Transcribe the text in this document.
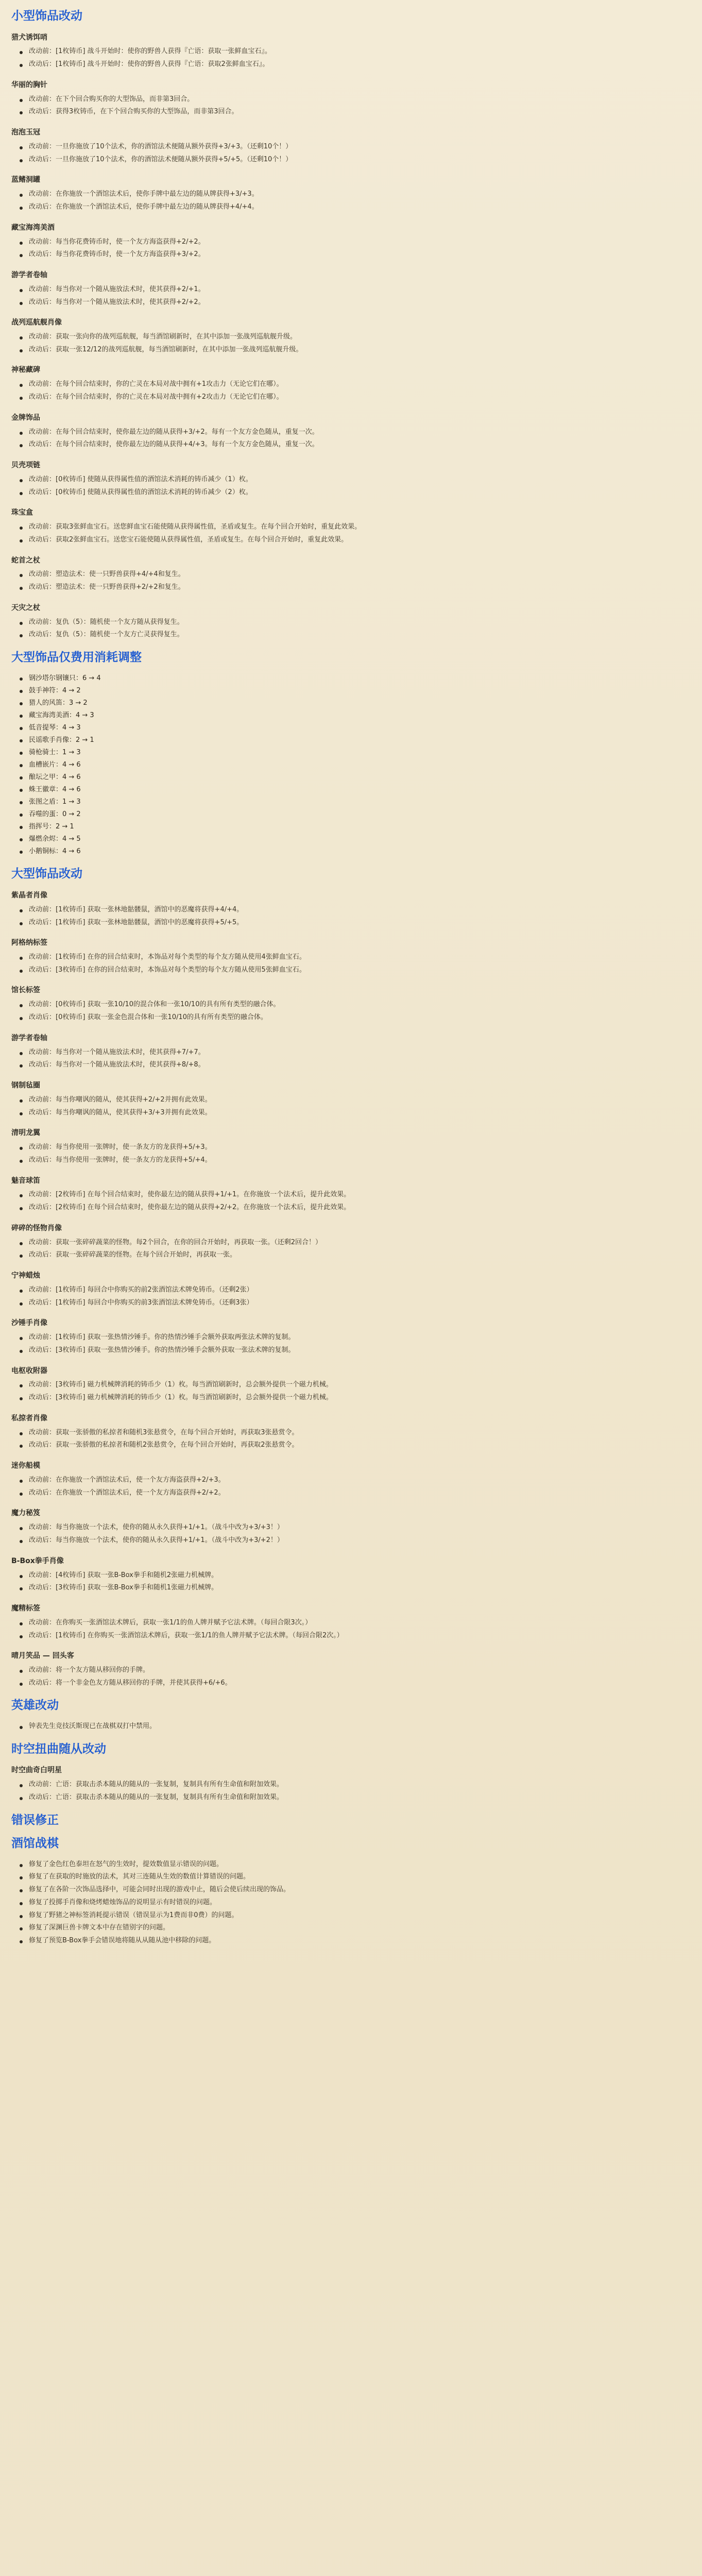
小型饰品改动
猎犬诱饵哨
改动前：[1枚铸币] 战斗开始时：使你的野兽人获得『亡语：获取一张鲜血宝石』。
改动后：[1枚铸币] 战斗开始时：使你的野兽人获得『亡语：获取2张鲜血宝石』。
华丽的胸针
改动前：在下个回合购买你的大型饰品，而非第3回合。
改动后：获得3枚铸币，在下个回合购买你的大型饰品，而非第3回合。
泡泡玉冠
改动前：一旦你施放了10个法术，你的酒馆法术便随从额外获得+3/+3。（还剩10个！）
改动后：一旦你施放了10个法术，你的酒馆法术便随从额外获得+5/+5。（还剩10个！）
蓝鳍洞罐
改动前：在你施放一个酒馆法术后，使你手牌中最左边的随从牌获得+3/+3。
改动后：在你施放一个酒馆法术后，使你手牌中最左边的随从牌获得+4/+4。
藏宝海湾美酒
改动前：每当你花费铸币时，使一个友方海盗获得+2/+2。
改动后：每当你花费铸币时，使一个友方海盗获得+3/+2。
游学者卷轴
改动前：每当你对一个随从施放法术时，使其获得+2/+1。
改动后：每当你对一个随从施放法术时，使其获得+2/+2。
战列巡航舰肖像
改动前：获取一张向你的战列巡航舰，每当酒馆刷新时，在其中添加一张战列巡航舰升级。
改动后：获取一张12/12的战列巡航舰，每当酒馆刷新时，在其中添加一张战列巡航舰升级。
神秘藏碑
改动前：在每个回合结束时，你的亡灵在本局对战中拥有+1攻击力（无论它们在哪）。
改动后：在每个回合结束时，你的亡灵在本局对战中拥有+2攻击力（无论它们在哪）。
金牌饰品
改动前：在每个回合结束时，使你最左边的随从获得+3/+2。每有一个友方金色随从，重复一次。
改动后：在每个回合结束时，使你最左边的随从获得+4/+3。每有一个友方金色随从，重复一次。
贝壳项链
改动前：[0枚铸币] 使随从获得属性值的酒馆法术消耗的铸币减少（1）枚。
改动后：[0枚铸币] 使随从获得属性值的酒馆法术消耗的铸币减少（2）枚。
珠宝盒
改动前：获取3张鲜血宝石。送您鲜血宝石能使随从获得属性值，圣盾或复生。在每个回合开始时，重复此效果。
改动后：获取2张鲜血宝石。送您宝石能使随从获得属性值，圣盾或复生。在每个回合开始时，重复此效果。
蛇首之杖
改动前：塑造法术：使一只野兽获得+4/+4和复生。
改动后：塑造法术：使一只野兽获得+2/+2和复生。
天灾之杖
改动前：复仇（5）：随机使一个友方随从获得复生。
改动后：复仇（5）：随机使一个友方亡灵获得复生。
大型饰品仅费用消耗调整
钢沙塔尔钢镶只：6 → 4
鼓手神符：4 → 2
猎人的风笛：3 → 2
藏宝海湾美酒：4 → 3
低音提琴：4 → 3
民谣歌手肖像：2 → 1
骑枪骑士：1 → 3
血槽嵌片：4 → 6
酿坛之甲：4 → 6
蛛王徽章：4 → 6
张图之盾：1 → 3
吞噬的蛋：0 → 2
指挥号：2 → 1
爆燃余烬：4 → 5
小鹅铜标：4 → 6
大型饰品改动
紫晶者肖像
改动前：[1枚铸币] 获取一张林地骷髅鼠，酒馆中的恶魔将获得+4/+4。
改动后：[1枚铸币] 获取一张林地骷髅鼠，酒馆中的恶魔将获得+5/+5。
阿格纳标签
改动前：[1枚铸币] 在你的回合结束时，本饰品对每个类型的每个友方随从使用4张鲜血宝石。
改动后：[3枚铸币] 在你的回合结束时，本饰品对每个类型的每个友方随从使用5张鲜血宝石。
馆长标签
改动前：[0枚铸币] 获取一张10/10的混合体和一张10/10的具有所有类型的融合体。
改动后：[0枚铸币] 获取一张金色混合体和一张10/10的具有所有类型的融合体。
游学者卷轴
改动前：每当你对一个随从施放法术时，使其获得+7/+7。
改动后：每当你对一个随从施放法术时，使其获得+8/+8。
钢制毡圈
改动前：每当你嘲讽的随从，使其获得+2/+2并拥有此效果。
改动后：每当你嘲讽的随从，使其获得+3/+3并拥有此效果。
清明龙翼
改动前：每当你使用一张牌时，使一条友方的龙获得+5/+3。
改动后：每当你使用一张牌时，使一条友方的龙获得+5/+4。
魅音球笛
改动前：[2枚铸币] 在每个回合结束时，使你最左边的随从获得+1/+1。在你施放一个法术后，提升此效果。
改动后：[2枚铸币] 在每个回合结束时，使你最左边的随从获得+2/+2。在你施放一个法术后，提升此效果。
碎碎的怪物肖像
改动前：获取一张碎碎蔬菜的怪物。每2个回合，在你的回合开始时，再获取一张。（还剩2回合！）
改动后：获取一张碎碎蔬菜的怪物。在每个回合开始时，再获取一张。
宁神蜡烛
改动前：[1枚铸币] 每回合中你购买的前2张酒馆法术牌免铸币。（还剩2张）
改动后：[1枚铸币] 每回合中你购买的前3张酒馆法术牌免铸币。（还剩3张）
沙锤手肖像
改动前：[1枚铸币] 获取一张热情沙锤手。你的热情沙锤手会额外获取两张法术牌的复制。
改动后：[3枚铸币] 获取一张热情沙锤手。你的热情沙锤手会额外获取一张法术牌的复制。
电枢收附器
改动前：[3枚铸币] 磁力机械牌消耗的铸币少（1）枚。每当酒馆刷新时，总会额外提供一个磁力机械。
改动后：[3枚铸币] 磁力机械牌消耗的铸币少（1）枚。每当酒馆刷新时，总会额外提供一个磁力机械。
私掠者肖像
改动前：获取一张骄傲的私掠者和随机3张悬赏令，在每个回合开始时，再获取3张悬赏令。
改动后：获取一张骄傲的私掠者和随机2张悬赏令，在每个回合开始时，再获取2张悬赏令。
迷你船模
改动前：在你施放一个酒馆法术后，使一个友方海盗获得+2/+3。
改动后：在你施放一个酒馆法术后，使一个友方海盗获得+2/+2。
魔力秘笈
改动前：每当你施放一个法术，使你的随从永久获得+1/+1。（战斗中改为+3/+3！）
改动后：每当你施放一个法术，使你的随从永久获得+1/+1。（战斗中改为+3/+2！）
B-Box拳手肖像
改动前：[4枚铸币] 获取一张B-Box拳手和随机2张磁力机械牌。
改动后：[3枚铸币] 获取一张B-Box拳手和随机1张磁力机械牌。
魔精标签
改动前：在你购买一张酒馆法术牌后，获取一张1/1的鱼人牌并赋予它法术牌。（每回合限3次。）
改动后：[1枚铸币] 在你购买一张酒馆法术牌后，获取一张1/1的鱼人牌并赋予它法术牌。（每回合限2次。）
晴月笑品 — 回头客
改动前：将一个友方随从移回你的手牌。
改动后：将一个非金色友方随从移回你的手牌，并使其获得+6/+6。
英雄改动
钟表先生竞技沃斯现已在战棋双打中禁用。
时空扭曲随从改动
时空曲奇白明星
改动前：亡语：获取击杀本随从的随从的一张复制，复制具有所有生命值和附加效果。
改动后：亡语：获取击杀本随从的随从的一张复制，复制具有所有生命值和附加效果。
错误修正
酒馆战棋
修复了金色红色泰坦在怒气的生效时，提效数值显示错误的问题。
修复了在获取的时施放的法术，其对三连随从生效的数值计算错误的问题。
修复了在各阶一次饰品选择中，可能会同时出现的游戏中止，随后会使后续出现的饰品。
修复了投掷手肖像和烧烤蜡烛饰品的说明显示有时错误的问题。
修复了野猪之神标签消耗提示错误（错误显示为1费而非0费）的问题。
修复了深渊巨兽卡牌文本中存在错别字的问题。
修复了预览B-Box拳手会错误地将随从从随从池中移除的问题。
